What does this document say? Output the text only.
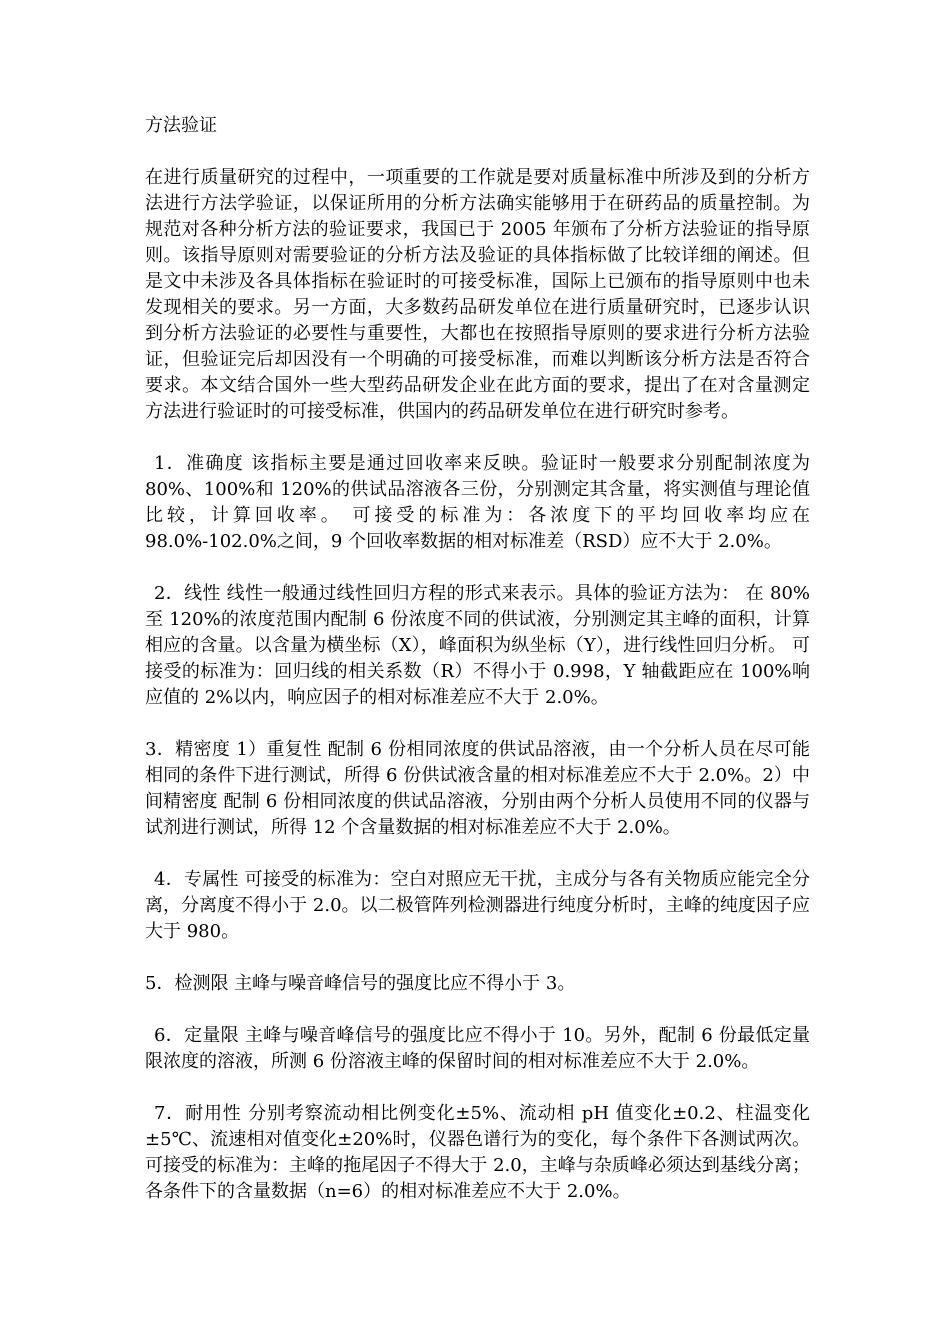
方法验证
在进行质量研究的过程中，一项重要的工作就是要对质量标准中所涉及到的分析方法进行方法学验证，以保证所用的分析方法确实能够用于在研药品的质量控制。为规范对各种分析方法的验证要求，我国已于 2005 年颁布了分析方法验证的指导原则。该指导原则对需要验证的分析方法及验证的具体指标做了比较详细的阐述。但是文中未涉及各具体指标在验证时的可接受标准，国际上已颁布的指导原则中也未发现相关的要求。另一方面，大多数药品研发单位在进行质量研究时，已逐步认识到分析方法验证的必要性与重要性，大都也在按照指导原则的要求进行分析方法验证，但验证完后却因没有一个明确的可接受标准，而难以判断该分析方法是否符合要求。本文结合国外一些大型药品研发企业在此方面的要求，提出了在对含量测定方法进行验证时的可接受标准，供国内的药品研发单位在进行研究时参考。
1．准确度 该指标主要是通过回收率来反映。验证时一般要求分别配制浓度为 80%、100%和 120%的供试品溶液各三份，分别测定其含量，将实测值与理论值比较，计算回收率。 可接受的标准为：各浓度下的平均回收率均应在 98.0%-102.0%之间，9 个回收率数据的相对标准差（RSD）应不大于 2.0%。
2．线性 线性一般通过线性回归方程的形式来表示。具体的验证方法为： 在 80%至 120%的浓度范围内配制 6 份浓度不同的供试液，分别测定其主峰的面积，计算相应的含量。以含量为横坐标（X），峰面积为纵坐标（Y），进行线性回归分析。 可接受的标准为：回归线的相关系数（R）不得小于 0.998，Y 轴截距应在 100%响应值的 2%以内，响应因子的相对标准差应不大于 2.0%。
3．精密度 1）重复性 配制 6 份相同浓度的供试品溶液，由一个分析人员在尽可能相同的条件下进行测试，所得 6 份供试液含量的相对标准差应不大于 2.0%。2）中间精密度 配制 6 份相同浓度的供试品溶液，分别由两个分析人员使用不同的仪器与试剂进行测试，所得 12 个含量数据的相对标准差应不大于 2.0%。
4．专属性 可接受的标准为：空白对照应无干扰，主成分与各有关物质应能完全分离，分离度不得小于 2.0。以二极管阵列检测器进行纯度分析时，主峰的纯度因子应大于 980。
5．检测限 主峰与噪音峰信号的强度比应不得小于 3。
6．定量限 主峰与噪音峰信号的强度比应不得小于 10。另外，配制 6 份最低定量限浓度的溶液，所测 6 份溶液主峰的保留时间的相对标准差应不大于 2.0%。
7．耐用性 分别考察流动相比例变化±5%、流动相 pH 值变化±0.2、柱温变化±5℃、流速相对值变化±20%时，仪器色谱行为的变化，每个条件下各测试两次。可接受的标准为：主峰的拖尾因子不得大于 2.0，主峰与杂质峰必须达到基线分离；各条件下的含量数据（n=6）的相对标准差应不大于 2.0%。
